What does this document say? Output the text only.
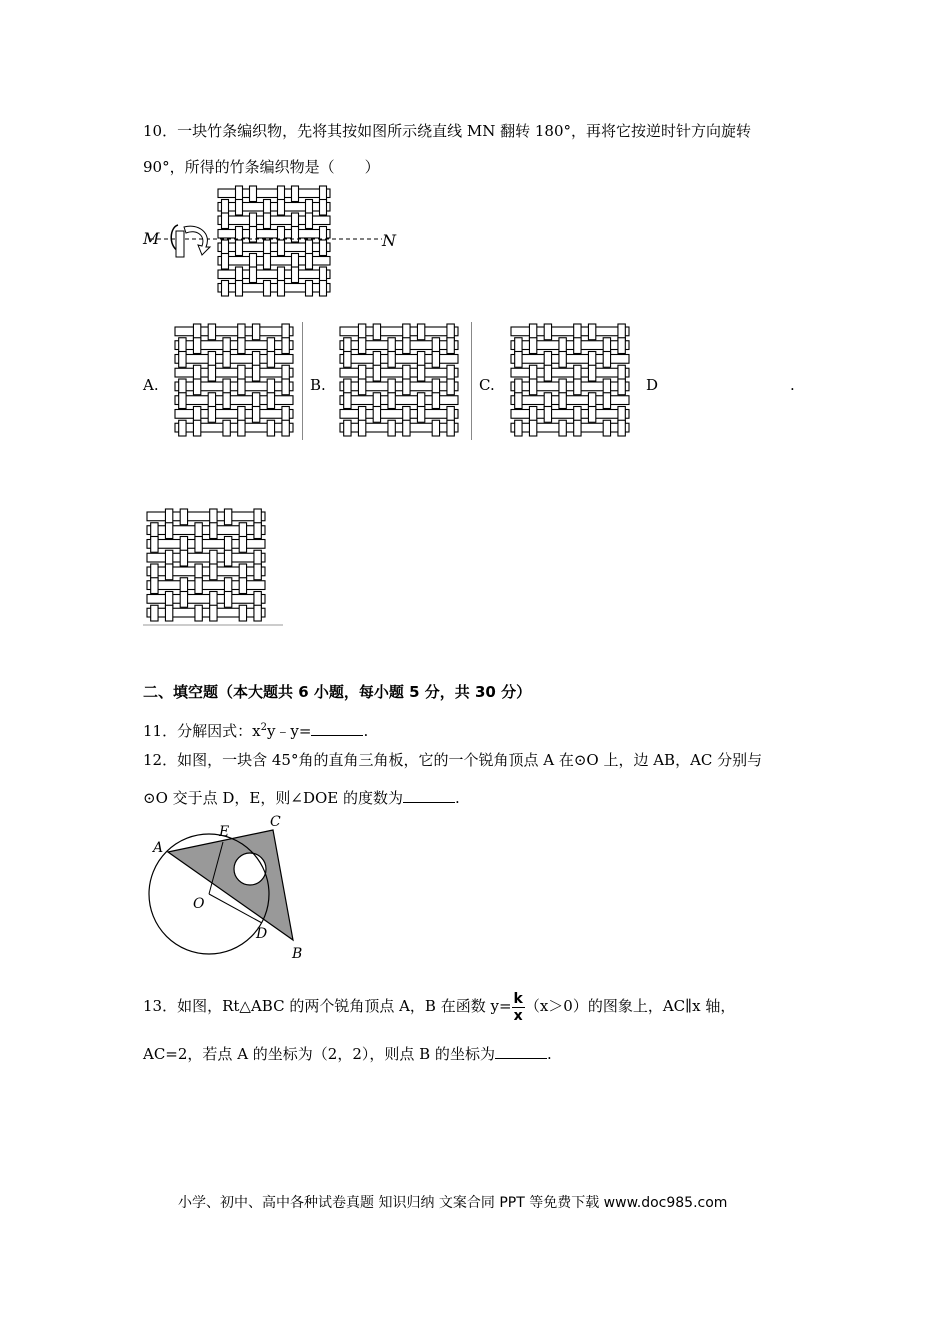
10．一块竹条编织物，先将其按如图所示绕直线 MN 翻转 180°，再将它按逆时针方向旋转
90°，所得的竹条编织物是（　　）
M	N
A.	B.	C.	D	.
二、填空题（本大题共 6 小题，每小题 5 分，共 30 分）
11．分解因式：$x^2y﹣y=$	.
12．如图，一块含 45°角的直角三角板，它的一个锐角顶点 A 在⊙O 上，边 AB，AC 分别与
⊙O 交于点 D，E，则∠DOE 的度数为	.
A
E
C
O
D
B
13．如图，Rt△ABC 的两个锐角顶点 A，B 在函数 $y= \frac{k}{x} (x>0)$的图象上，AC∥x 轴，
AC=2，若点 A 的坐标为（2，2），则点 B 的坐标为	.
小学、初中、高中各种试卷真题 知识归纳 文案合同 PPT 等免费下载 www.doc985.com
